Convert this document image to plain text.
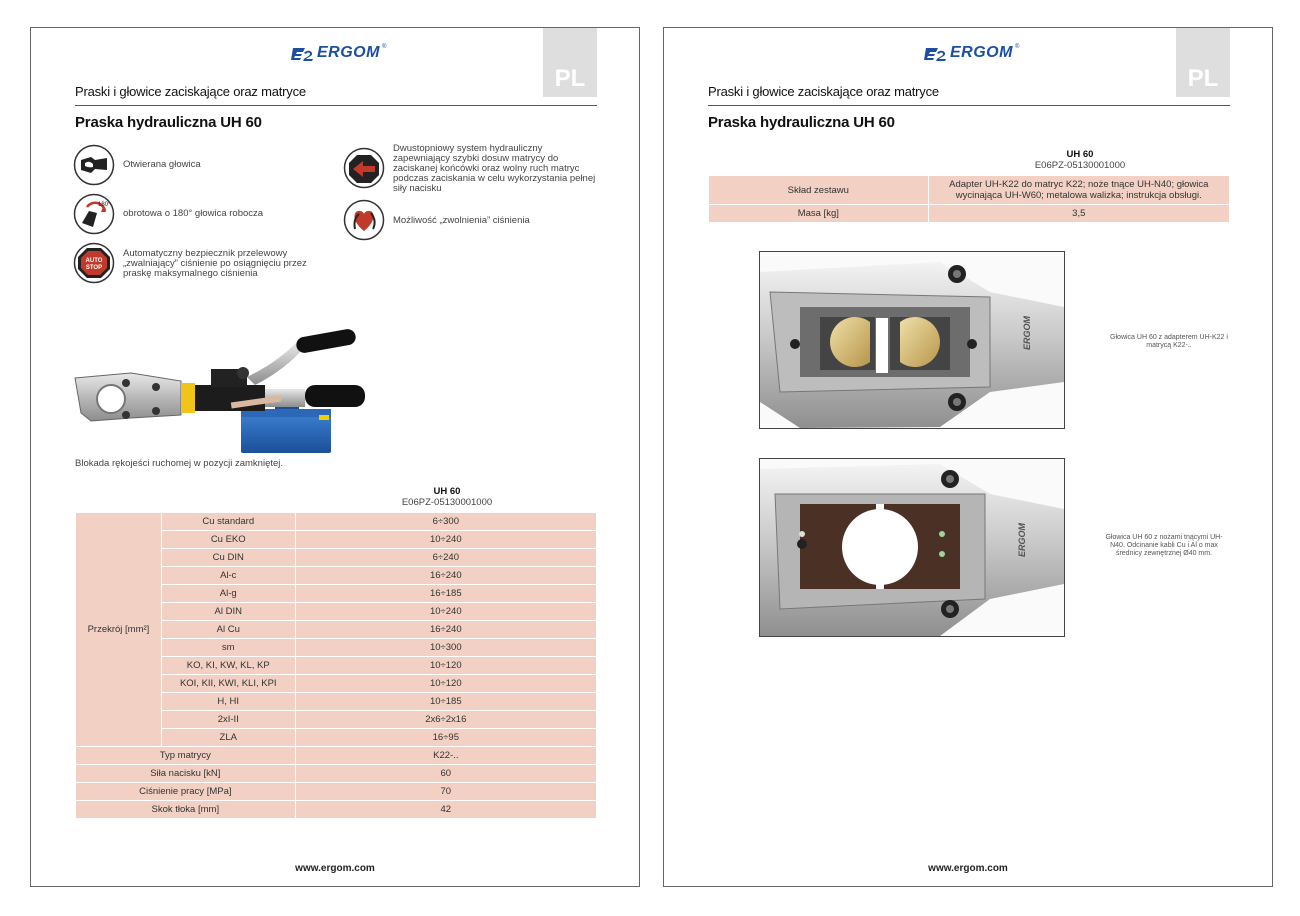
ERGOM ®
PL
Praski i głowice zaciskające oraz matryce
Praska hydrauliczna UH 60
Otwierana głowica
180°
obrotowa o 180° głowica robocza
AUTO
STOP
Automatyczny bezpiecznik przelewowy „zwalniający” ciśnienie po osiągnięciu przez praskę maksymalnego ciśnienia
Dwustopniowy system hydrauliczny zapewniający szybki dosuw matrycy do zaciskanej końcówki oraz wolny ruch matryc podczas zaciskania w celu wykorzystania pełnej siły nacisku
Możliwość „zwolnienia” ciśnienia
Blokada rękojeści ruchomej w pozycji zamkniętej.
UH 60
E06PZ-05130001000
Przekrój [mm²]	Cu standard	6÷300
	Cu EKO	10÷240
	Cu DIN	6÷240
	Al-c	16÷240
	Al-g	16÷185
	Al DIN	10÷240
	Al Cu	16÷240
	sm	10÷300
	KO, KI, KW, KL, KP	10÷120
	KOI, KII, KWI, KLI, KPI	10÷120
	H, HI	10÷185
	2xI-II	2x6÷2x16
	ZLA	16÷95
Typ matrycy		K22-..
Siła nacisku [kN]		60
Ciśnienie pracy [MPa]		70
Skok tłoka [mm]		42
www.ergom.com
ERGOM ®
PL
Praski i głowice zaciskające oraz matryce
Praska hydrauliczna UH 60
UH 60
E06PZ-05130001000
Skład zestawu	Adapter UH-K22 do matryc K22; noże tnące UH-N40; głowica wycinająca UH-W60; metalowa walizka; instrukcja obsługi.
Masa [kg]	3,5
ERGOM	Głowica UH 60 z adapterem UH-K22 i matrycą K22-..
ERGOM	Głowica UH 60 z nożami tnącymi UH-N40. Odcinanie kabli Cu i Al o max średnicy zewnętrznej Ø40 mm.
www.ergom.com
